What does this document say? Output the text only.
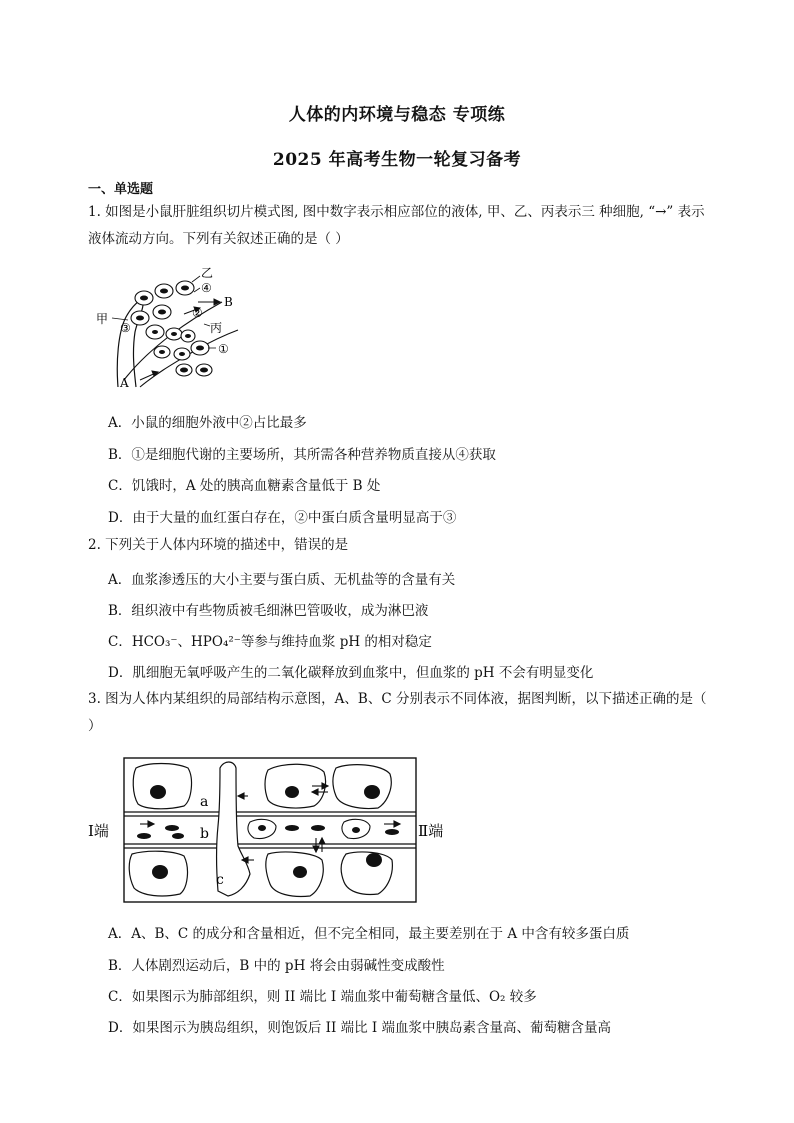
人体的内环境与稳态 专项练
2025 年高考生物一轮复习备考
一、单选题
1. 如图是小鼠肝脏组织切片模式图, 图中数字表示相应部位的液体, 甲、乙、丙表示三 种细胞, “→” 表示液体流动方向。下列有关叙述正确的是（ ）
甲
乙
④
B
②
丙
①
③
A
A．小鼠的细胞外液中②占比最多
B．①是细胞代谢的主要场所，其所需各种营养物质直接从④获取
C．饥饿时，A 处的胰高血糖素含量低于 B 处
D．由于大量的血红蛋白存在，②中蛋白质含量明显高于③
2. 下列关于人体内环境的描述中，错误的是
A．血浆渗透压的大小主要与蛋白质、无机盐等的含量有关
B．组织液中有些物质被毛细淋巴管吸收，成为淋巴液
C．HCO₃⁻、HPO₄²⁻等参与维持血浆 pH 的相对稳定
D．肌细胞无氧呼吸产生的二氧化碳释放到血浆中，但血浆的 pH 不会有明显变化
3. 图为人体内某组织的局部结构示意图，A、B、C 分别表示不同体液，据图判断，以下描述正确的是（ ）
Ⅰ端	Ⅱ端
a
b
c
A．A、B、C 的成分和含量相近，但不完全相同，最主要差别在于 A 中含有较多蛋白质
B．人体剧烈运动后，B 中的 pH 将会由弱碱性变成酸性
C．如果图示为肺部组织，则 II 端比 I 端血浆中葡萄糖含量低、O₂ 较多
D．如果图示为胰岛组织，则饱饭后 II 端比 I 端血浆中胰岛素含量高、葡萄糖含量高
